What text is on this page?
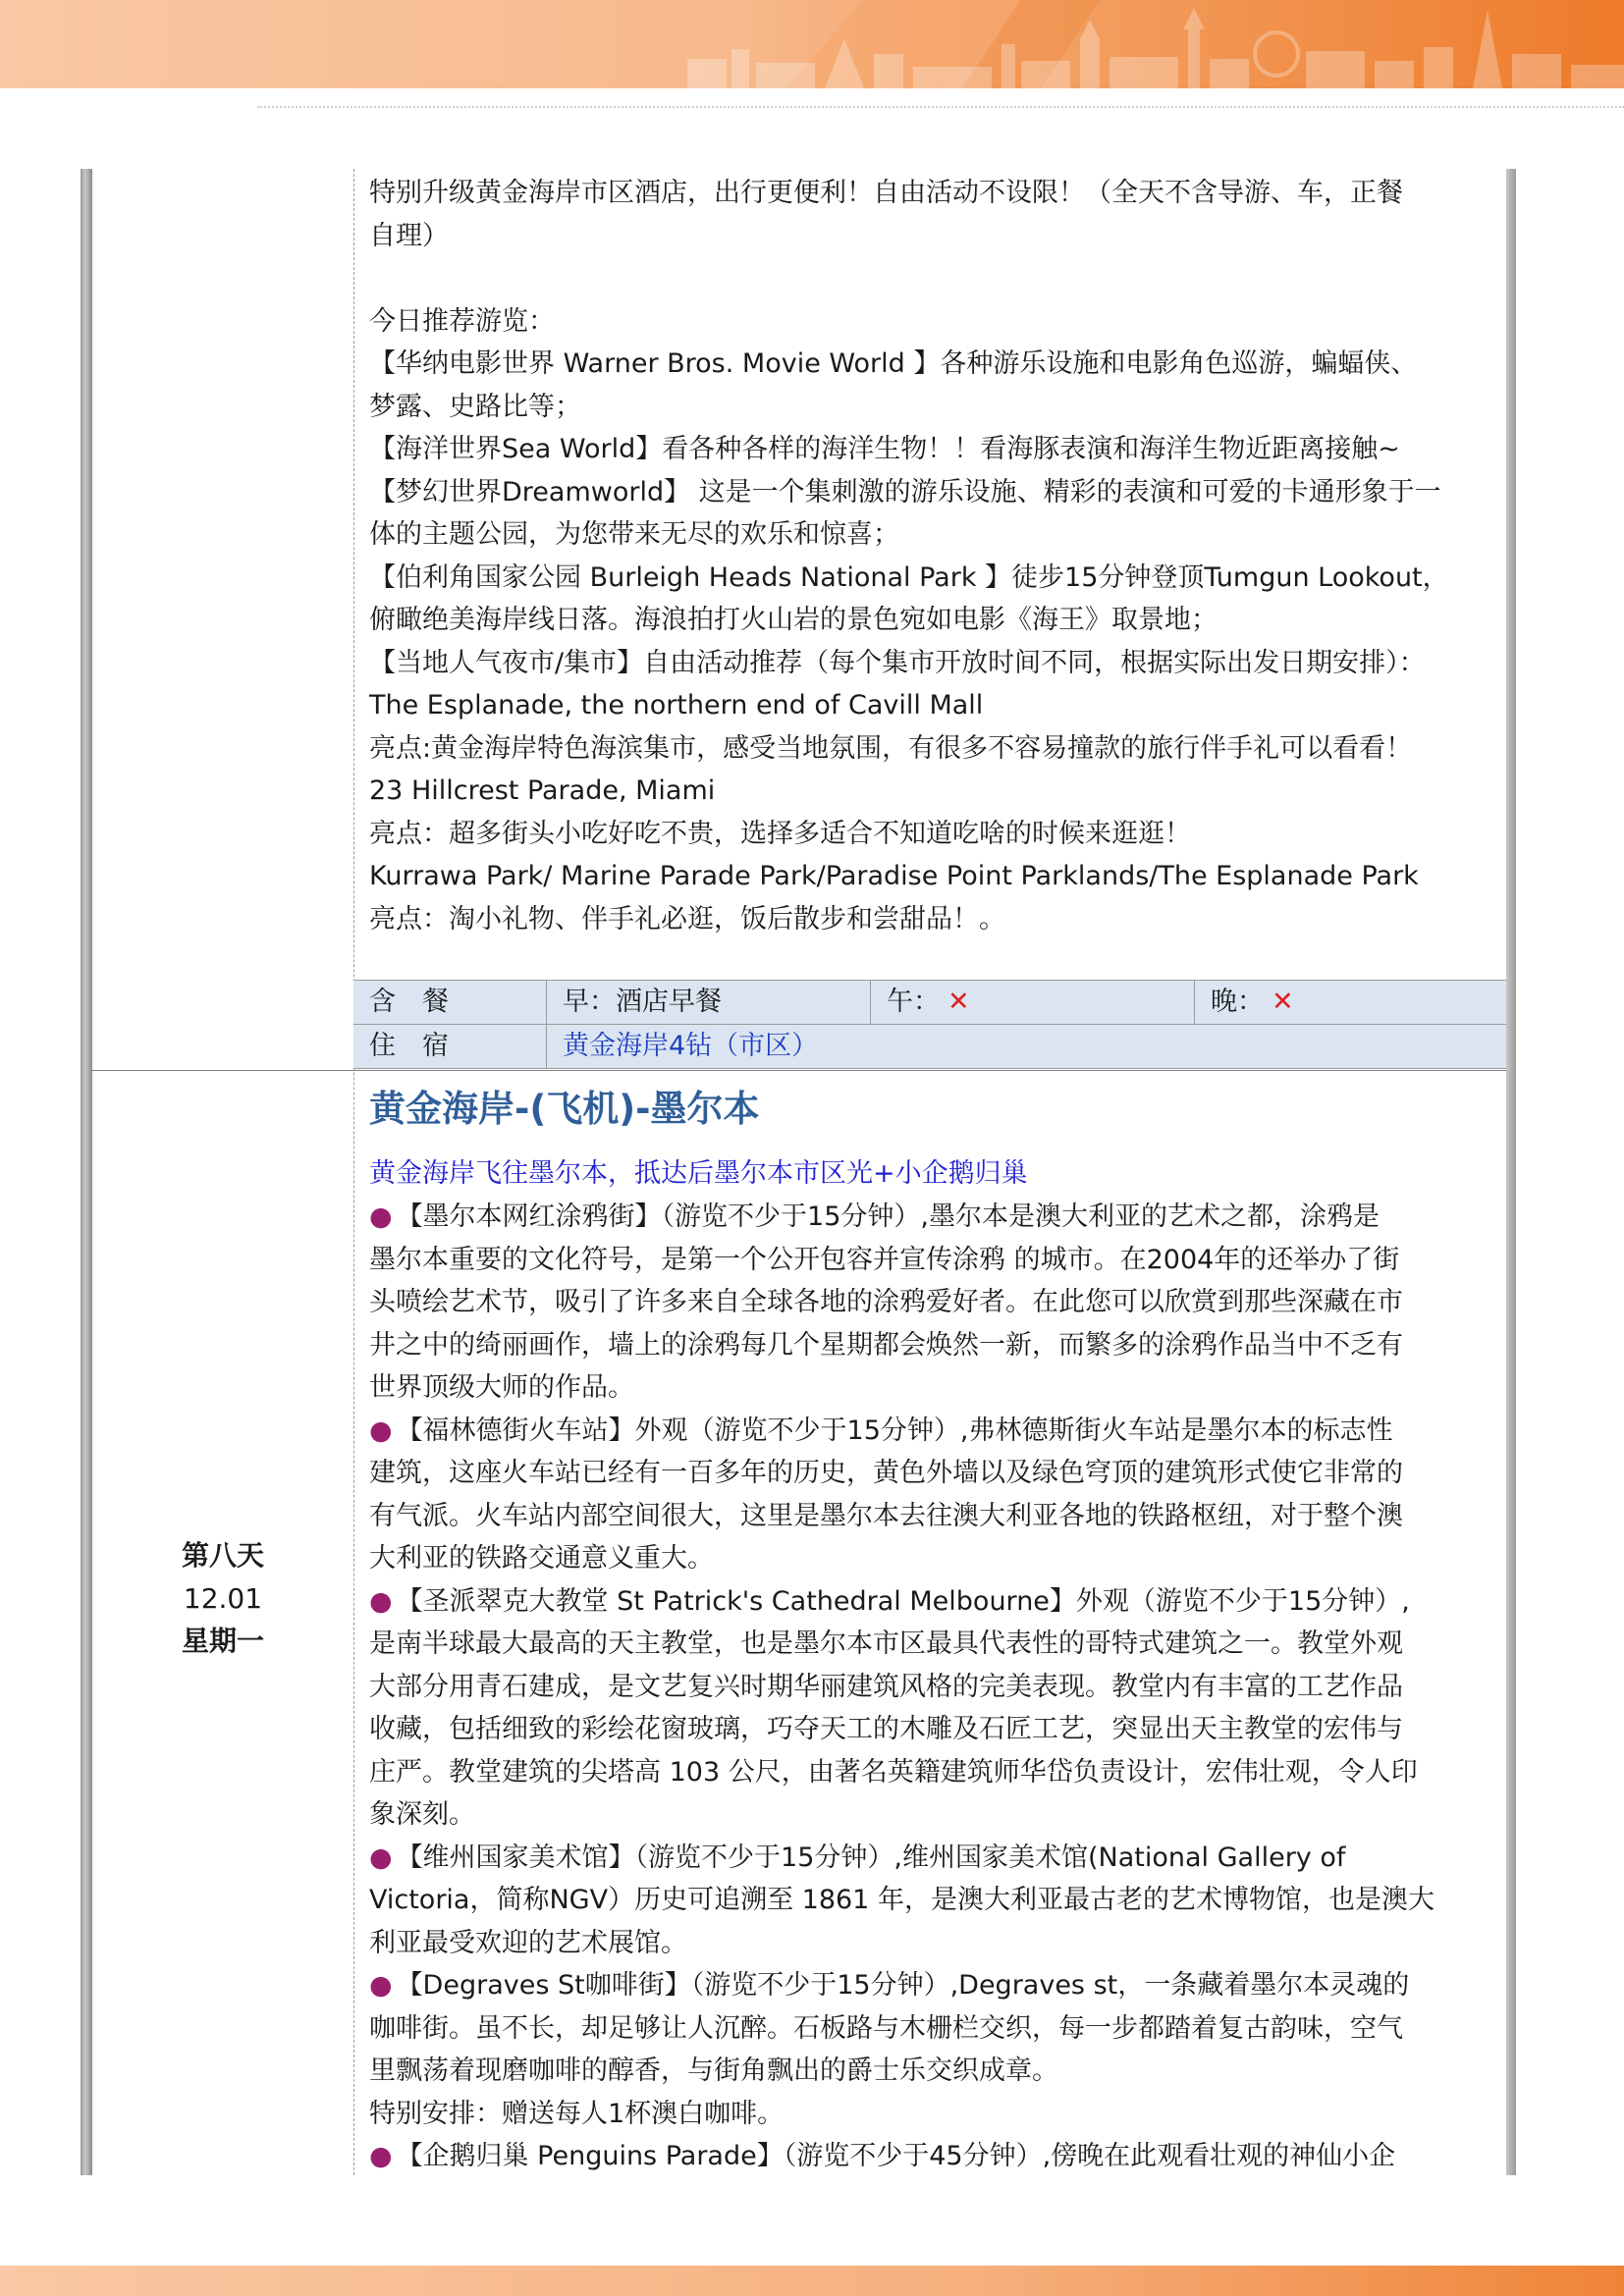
特别升级黄金海岸市区酒店，出行更便利！自由活动不设限！（全天不含导游、车，正餐
自理）
今日推荐游览：
【华纳电影世界 Warner Bros. Movie World 】各种游乐设施和电影角色巡游，蝙蝠侠、
梦露、史路比等；
【海洋世界Sea World】看各种各样的海洋生物！！看海豚表演和海洋生物近距离接触~
【梦幻世界Dreamworld】 这是一个集刺激的游乐设施、精彩的表演和可爱的卡通形象于一
体的主题公园，为您带来无尽的欢乐和惊喜；
【伯利角国家公园 Burleigh Heads National Park 】徒步15分钟登顶Tumgun Lookout，
俯瞰绝美海岸线日落。海浪拍打火山岩的景色宛如电影《海王》取景地；
【当地人气夜市/集市】自由活动推荐（每个集市开放时间不同，根据实际出发日期安排）：
The Esplanade, the northern end of Cavill Mall
亮点:黄金海岸特色海滨集市，感受当地氛围，有很多不容易撞款的旅行伴手礼可以看看！
23 Hillcrest Parade, Miami
亮点：超多街头小吃好吃不贵，选择多适合不知道吃啥的时候来逛逛！
Kurrawa Park/ Marine Parade Park/Paradise Point Parklands/The Esplanade Park
亮点：淘小礼物、伴手礼必逛，饭后散步和尝甜品！。
含　餐	早：酒店早餐	午： ✕	晚： ✕
住　宿	黄金海岸4钻（市区）
第八天
12.01
星期一
黄金海岸-(飞机)-墨尔本
黄金海岸飞往墨尔本，抵达后墨尔本市区光+小企鹅归巢
● 【墨尔本网红涂鸦街】（游览不少于15分钟）,墨尔本是澳大利亚的艺术之都，涂鸦是
墨尔本重要的文化符号，是第一个公开包容并宣传涂鸦 的城市。在2004年的还举办了街
头喷绘艺术节，吸引了许多来自全球各地的涂鸦爱好者。在此您可以欣赏到那些深藏在市
井之中的绮丽画作，墙上的涂鸦每几个星期都会焕然一新，而繁多的涂鸦作品当中不乏有
世界顶级大师的作品。
● 【福林德街火车站】外观（游览不少于15分钟）,弗林德斯街火车站是墨尔本的标志性
建筑，这座火车站已经有一百多年的历史，黄色外墙以及绿色穹顶的建筑形式使它非常的
有气派。火车站内部空间很大，这里是墨尔本去往澳大利亚各地的铁路枢纽，对于整个澳
大利亚的铁路交通意义重大。
● 【圣派翠克大教堂 St Patrick's Cathedral Melbourne】外观（游览不少于15分钟）,
是南半球最大最高的天主教堂，也是墨尔本市区最具代表性的哥特式建筑之一。教堂外观
大部分用青石建成，是文艺复兴时期华丽建筑风格的完美表现。教堂内有丰富的工艺作品
收藏，包括细致的彩绘花窗玻璃，巧夺天工的木雕及石匠工艺，突显出天主教堂的宏伟与
庄严。教堂建筑的尖塔高 103 公尺，由著名英籍建筑师华岱负责设计，宏伟壮观，令人印
象深刻。
● 【维州国家美术馆】（游览不少于15分钟）,维州国家美术馆(National Gallery of
Victoria，简称NGV）历史可追溯至 1861 年，是澳大利亚最古老的艺术博物馆，也是澳大
利亚最受欢迎的艺术展馆。
● 【Degraves St咖啡街】（游览不少于15分钟）,Degraves st，一条藏着墨尔本灵魂的
咖啡街。虽不长，却足够让人沉醉。石板路与木栅栏交织，每一步都踏着复古韵味，空气
里飘荡着现磨咖啡的醇香，与街角飘出的爵士乐交织成章。
特别安排：赠送每人1杯澳白咖啡。
● 【企鹅归巢 Penguins Parade】（游览不少于45分钟）,傍晚在此观看壮观的神仙小企
